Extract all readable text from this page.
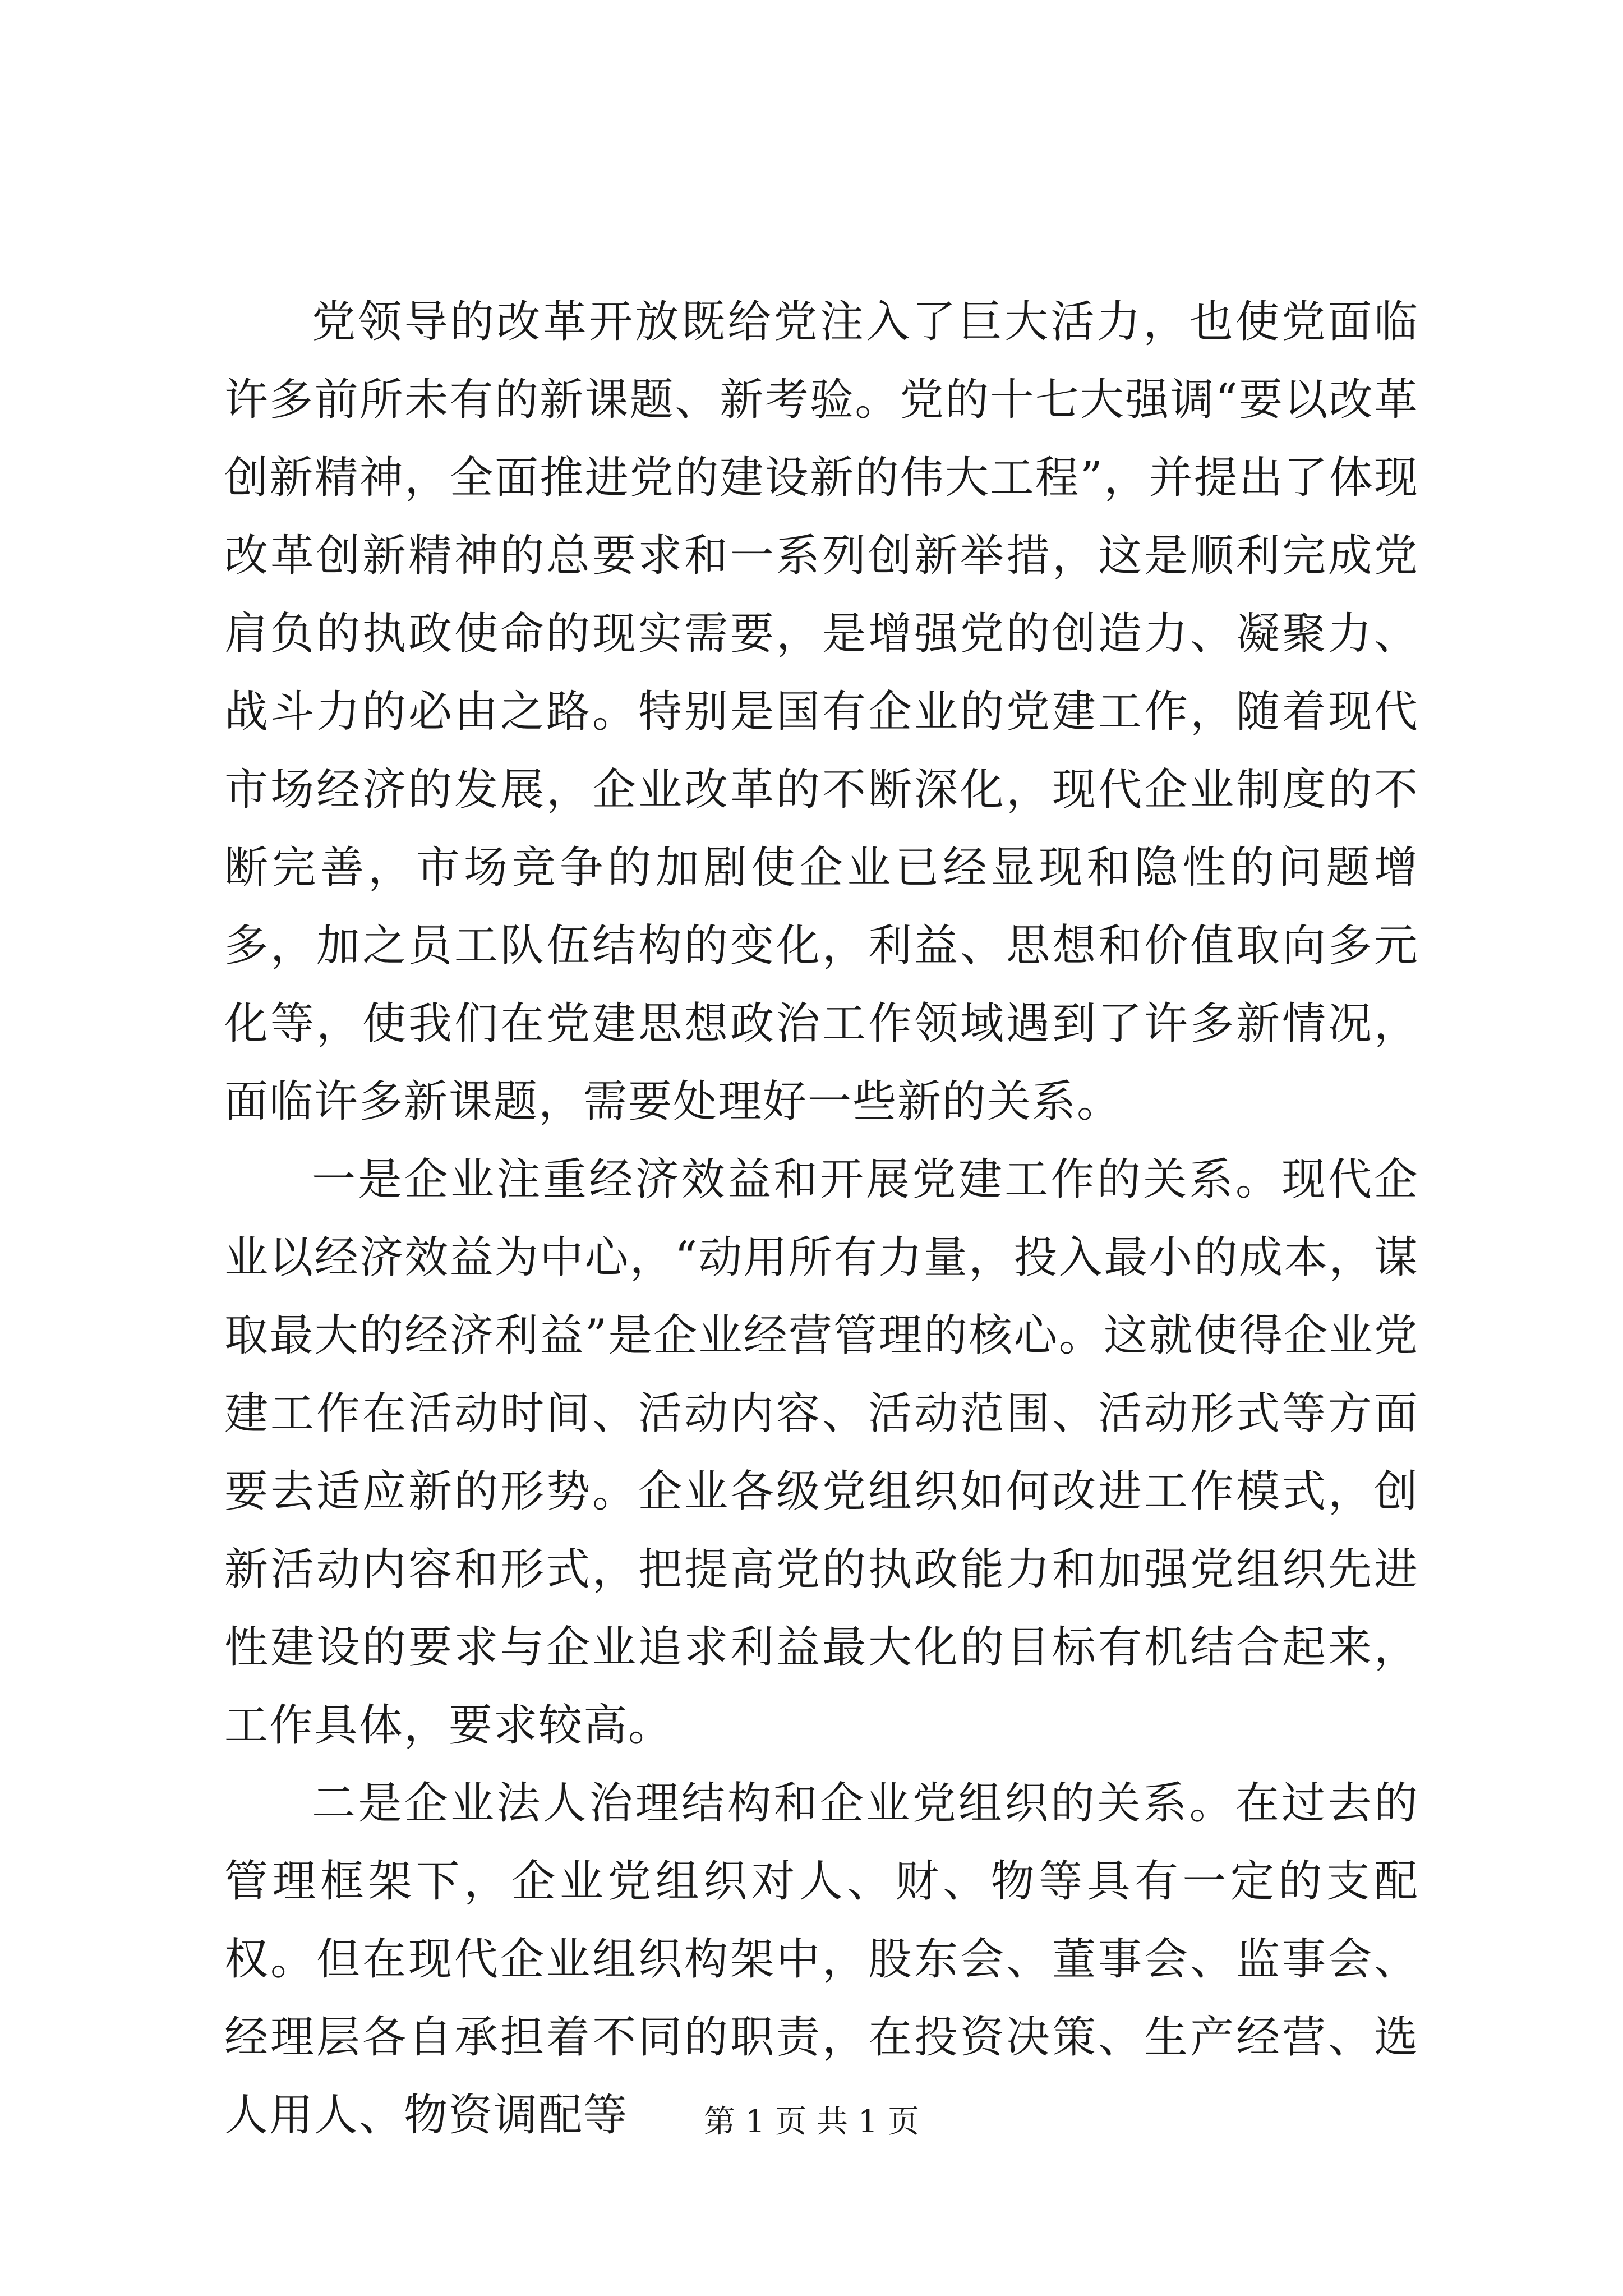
党领导的改革开放既给党注入了巨大活力，也使党面临许多前所未有的新课题、新考验。党的十七大强调“要以改革创新精神，全面推进党的建设新的伟大工程”，并提出了体现改革创新精神的总要求和一系列创新举措，这是顺利完成党肩负的执政使命的现实需要，是增强党的创造力、凝聚力、战斗力的必由之路。特别是国有企业的党建工作，随着现代市场经济的发展，企业改革的不断深化，现代企业制度的不断完善，市场竞争的加剧使企业已经显现和隐性的问题增多，加之员工队伍结构的变化，利益、思想和价值取向多元化等，使我们在党建思想政治工作领域遇到了许多新情况，面临许多新课题，需要处理好一些新的关系。

一是企业注重经济效益和开展党建工作的关系。现代企业以经济效益为中心，“动用所有力量，投入最小的成本，谋取最大的经济利益”是企业经营管理的核心。这就使得企业党建工作在活动时间、活动内容、活动范围、活动形式等方面要去适应新的形势。企业各级党组织如何改进工作模式，创新活动内容和形式，把提高党的执政能力和加强党组织先进性建设的要求与企业追求利益最大化的目标有机结合起来，工作具体，要求较高。

二是企业法人治理结构和企业党组织的关系。在过去的管理框架下，企业党组织对人、财、物等具有一定的支配权。但在现代企业组织构架中，股东会、董事会、监事会、经理层各自承担着不同的职责，在投资决策、生产经营、选人用人、物资调配等	第 1 页 共 1 页
